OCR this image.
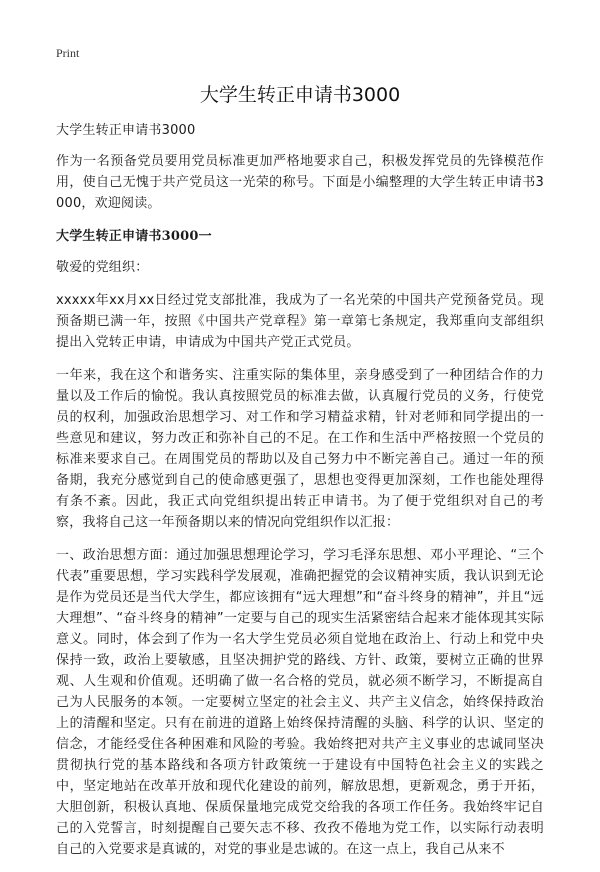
Print
大学生转正申请书3000

大学生转正申请书3000

作为一名预备党员要用党员标准更加严格地要求自己，积极发挥党员的先锋模范作用，使自己无愧于共产党员这一光荣的称号。下面是小编整理的大学生转正申请书3000，欢迎阅读。

大学生转正申请书3000一

敬爱的党组织：

xxxxx年xx月xx日经过党支部批准，我成为了一名光荣的中国共产党预备党员。现预备期已满一年，按照《中国共产党章程》第一章第七条规定，我郑重向支部组织提出入党转正申请，申请成为中国共产党正式党员。

一年来，我在这个和谐务实、注重实际的集体里，亲身感受到了一种团结合作的力量以及工作后的愉悦。我认真按照党员的标准去做，认真履行党员的义务，行使党员的权利，加强政治思想学习、对工作和学习精益求精，针对老师和同学提出的一些意见和建议，努力改正和弥补自己的不足。在工作和生活中严格按照一个党员的标准来要求自己。在周围党员的帮助以及自己努力中不断完善自己。通过一年的预备期，我充分感觉到自己的使命感更强了，思想也变得更加深刻，工作也能处理得有条不紊。因此，我正式向党组织提出转正申请书。为了便于党组织对自己的考察，我将自己这一年预备期以来的情况向党组织作以汇报：

一、政治思想方面：通过加强思想理论学习，学习毛泽东思想、邓小平理论、“三个代表”重要思想，学习实践科学发展观，准确把握党的会议精神实质，我认识到无论是作为党员还是当代大学生，都应该拥有“远大理想”和“奋斗终身的精神”，并且“远大理想”、“奋斗终身的精神”一定要与自己的现实生活紧密结合起来才能体现其实际意义。同时，体会到了作为一名大学生党员必须自觉地在政治上、行动上和党中央保持一致，政治上要敏感，且坚决拥护党的路线、方针、政策，要树立正确的世界观、人生观和价值观。还明确了做一名合格的党员，就必须不断学习，不断提高自己为人民服务的本领。一定要树立坚定的社会主义、共产主义信念，始终保持政治上的清醒和坚定。只有在前进的道路上始终保持清醒的头脑、科学的认识、坚定的信念，才能经受住各种困难和风险的考验。我始终把对共产主义事业的忠诚同坚决贯彻执行党的基本路线和各项方针政策统一于建设有中国特色社会主义的实践之中，坚定地站在改革开放和现代化建设的前列，解放思想，更新观念，勇于开拓，大胆创新，积极认真地、保质保量地完成党交给我的各项工作任务。我始终牢记自己的入党誓言，时刻提醒自己要矢志不移、孜孜不倦地为党工作，以实际行动表明自己的入党要求是真诚的，对党的事业是忠诚的。在这一点上，我自己从来不
